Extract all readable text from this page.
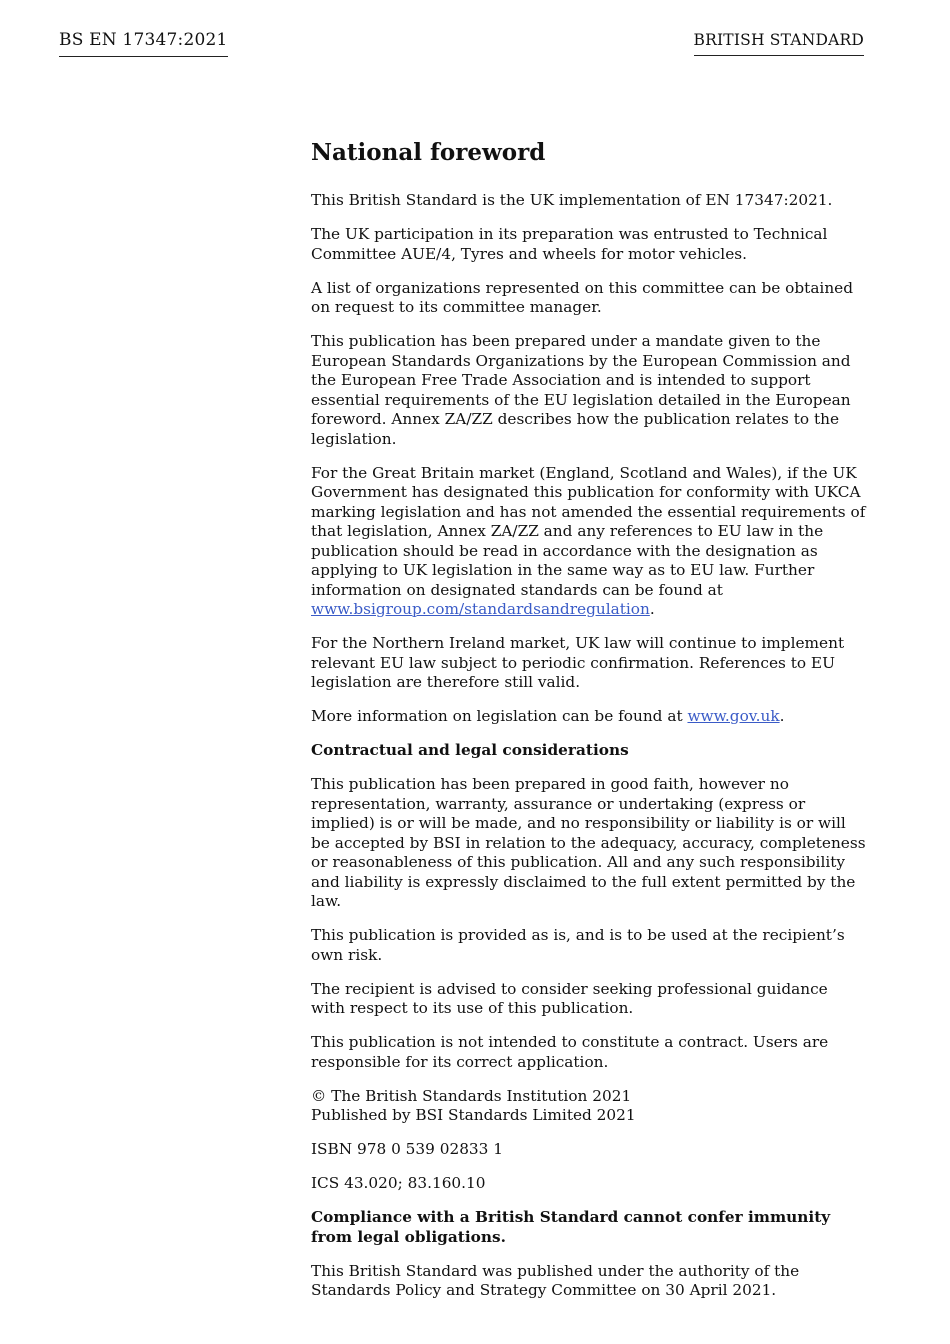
BS EN 17347:2021	BRITISH STANDARD
National foreword

This British Standard is the UK implementation of EN 17347:2021.

The UK participation in its preparation was entrusted to Technical Committee AUE/4, Tyres and wheels for motor vehicles.

A list of organizations represented on this committee can be obtained on request to its committee manager.

This publication has been prepared under a mandate given to the European Standards Organizations by the European Commission and the European Free Trade Association and is intended to support essential requirements of the EU legislation detailed in the European foreword. Annex ZA/ZZ describes how the publication relates to the legislation.

For the Great Britain market (England, Scotland and Wales), if the UK Government has designated this publication for conformity with UKCA marking legislation and has not amended the essential requirements of that legislation, Annex ZA/ZZ and any references to EU law in the publication should be read in accordance with the designation as applying to UK legislation in the same way as to EU law. Further information on designated standards can be found at www.bsigroup.com/standardsandregulation.

For the Northern Ireland market, UK law will continue to implement relevant EU law subject to periodic confirmation. References to EU legislation are therefore still valid.

More information on legislation can be found at www.gov.uk.

Contractual and legal considerations

This publication has been prepared in good faith, however no representation, warranty, assurance or undertaking (express or implied) is or will be made, and no responsibility or liability is or will be accepted by BSI in relation to the adequacy, accuracy, completeness or reasonableness of this publication. All and any such responsibility and liability is expressly disclaimed to the full extent permitted by the law.

This publication is provided as is, and is to be used at the recipient’s own risk.

The recipient is advised to consider seeking professional guidance with respect to its use of this publication.

This publication is not intended to constitute a contract. Users are responsible for its correct application.

© The British Standards Institution 2021
Published by BSI Standards Limited 2021

ISBN 978 0 539 02833 1

ICS 43.020; 83.160.10

Compliance with a British Standard cannot confer immunity from legal obligations.

This British Standard was published under the authority of the Standards Policy and Strategy Committee on 30 April 2021.
